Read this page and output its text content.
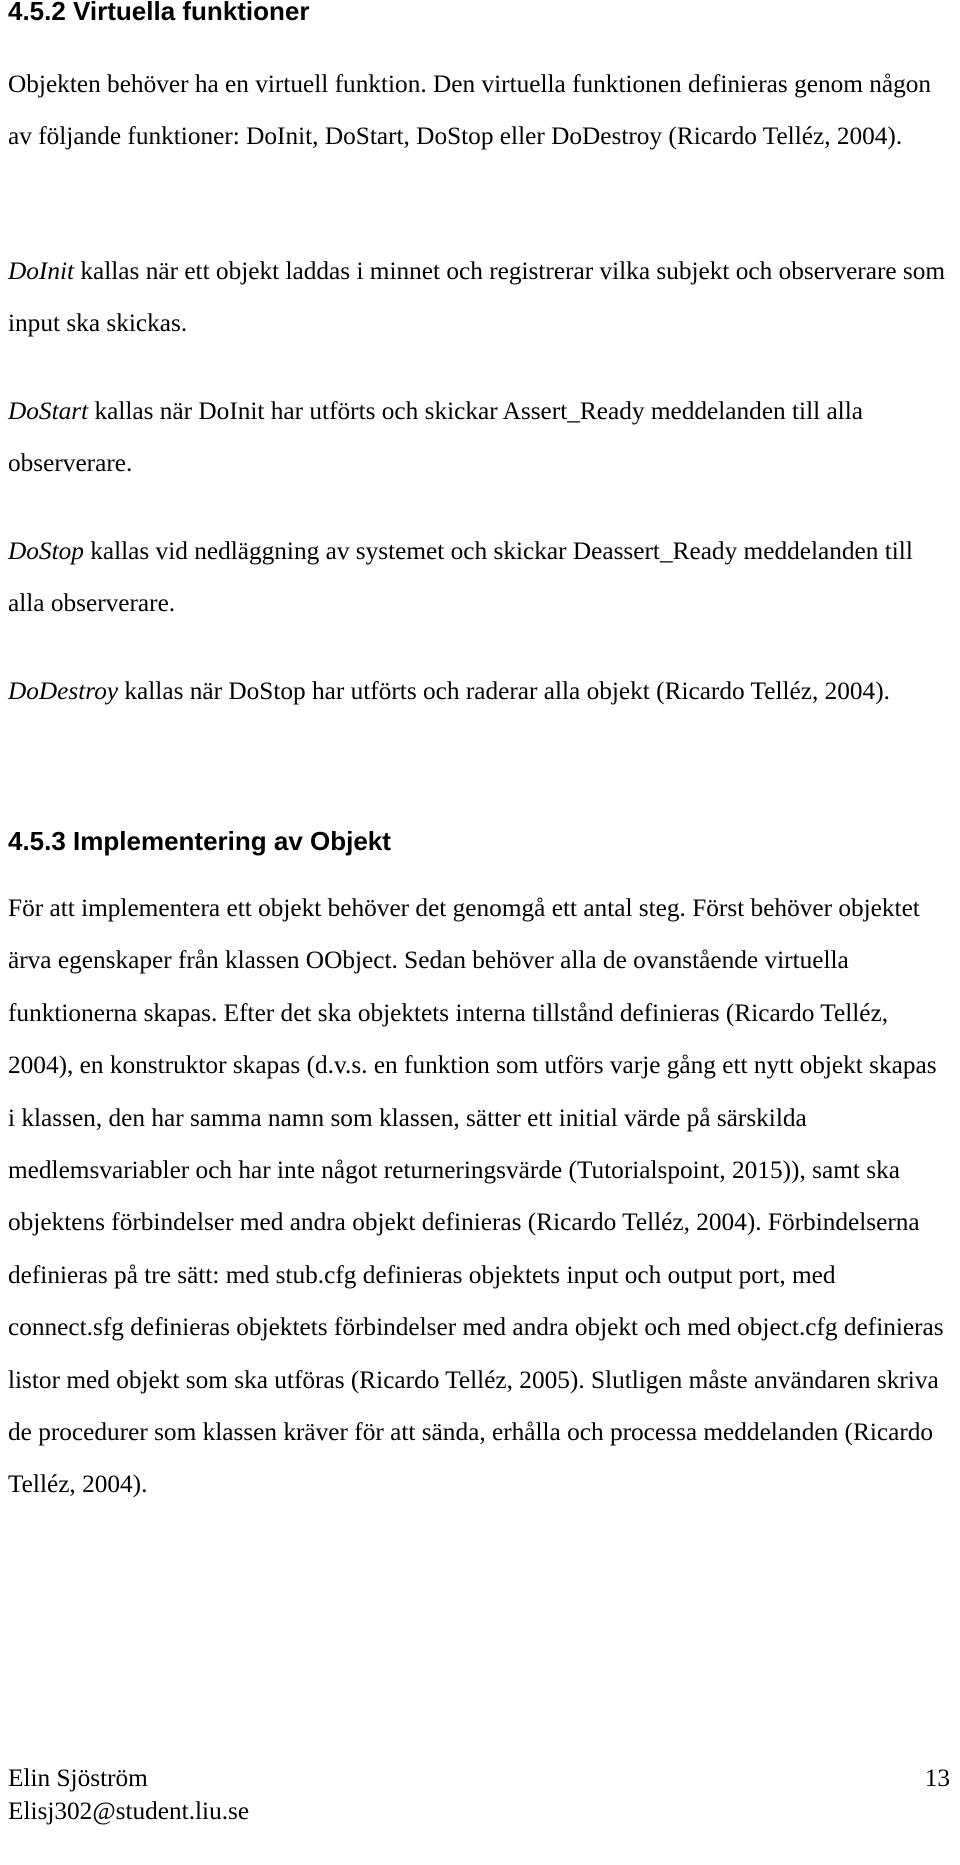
4.5.2 Virtuella funktioner

Objekten behöver ha en virtuell funktion. Den virtuella funktionen definieras genom någon av följande funktioner: DoInit, DoStart, DoStop eller DoDestroy (Ricardo Telléz, 2004).

DoInit kallas när ett objekt laddas i minnet och registrerar vilka subjekt och observerare som input ska skickas.

DoStart kallas när DoInit har utförts och skickar Assert_Ready meddelanden till alla observerare.

DoStop kallas vid nedläggning av systemet och skickar Deassert_Ready meddelanden till alla observerare.

DoDestroy kallas när DoStop har utförts och raderar alla objekt (Ricardo Telléz, 2004).

4.5.3 Implementering av Objekt

För att implementera ett objekt behöver det genomgå ett antal steg. Först behöver objektet ärva egenskaper från klassen OObject. Sedan behöver alla de ovanstående virtuella funktionerna skapas. Efter det ska objektets interna tillstånd definieras (Ricardo Telléz, 2004), en konstruktor skapas (d.v.s. en funktion som utförs varje gång ett nytt objekt skapas i klassen, den har samma namn som klassen, sätter ett initial värde på särskilda medlemsvariabler och har inte något returneringsvärde (Tutorialspoint, 2015)), samt ska objektens förbindelser med andra objekt definieras (Ricardo Telléz, 2004). Förbindelserna definieras på tre sätt: med stub.cfg definieras objektets input och output port, med connect.sfg definieras objektets förbindelser med andra objekt och med object.cfg definieras listor med objekt som ska utföras (Ricardo Telléz, 2005). Slutligen måste användaren skriva de procedurer som klassen kräver för att sända, erhålla och processa meddelanden (Ricardo Telléz, 2004).

Elin Sjöström
Elisj302@student.liu.se
13
